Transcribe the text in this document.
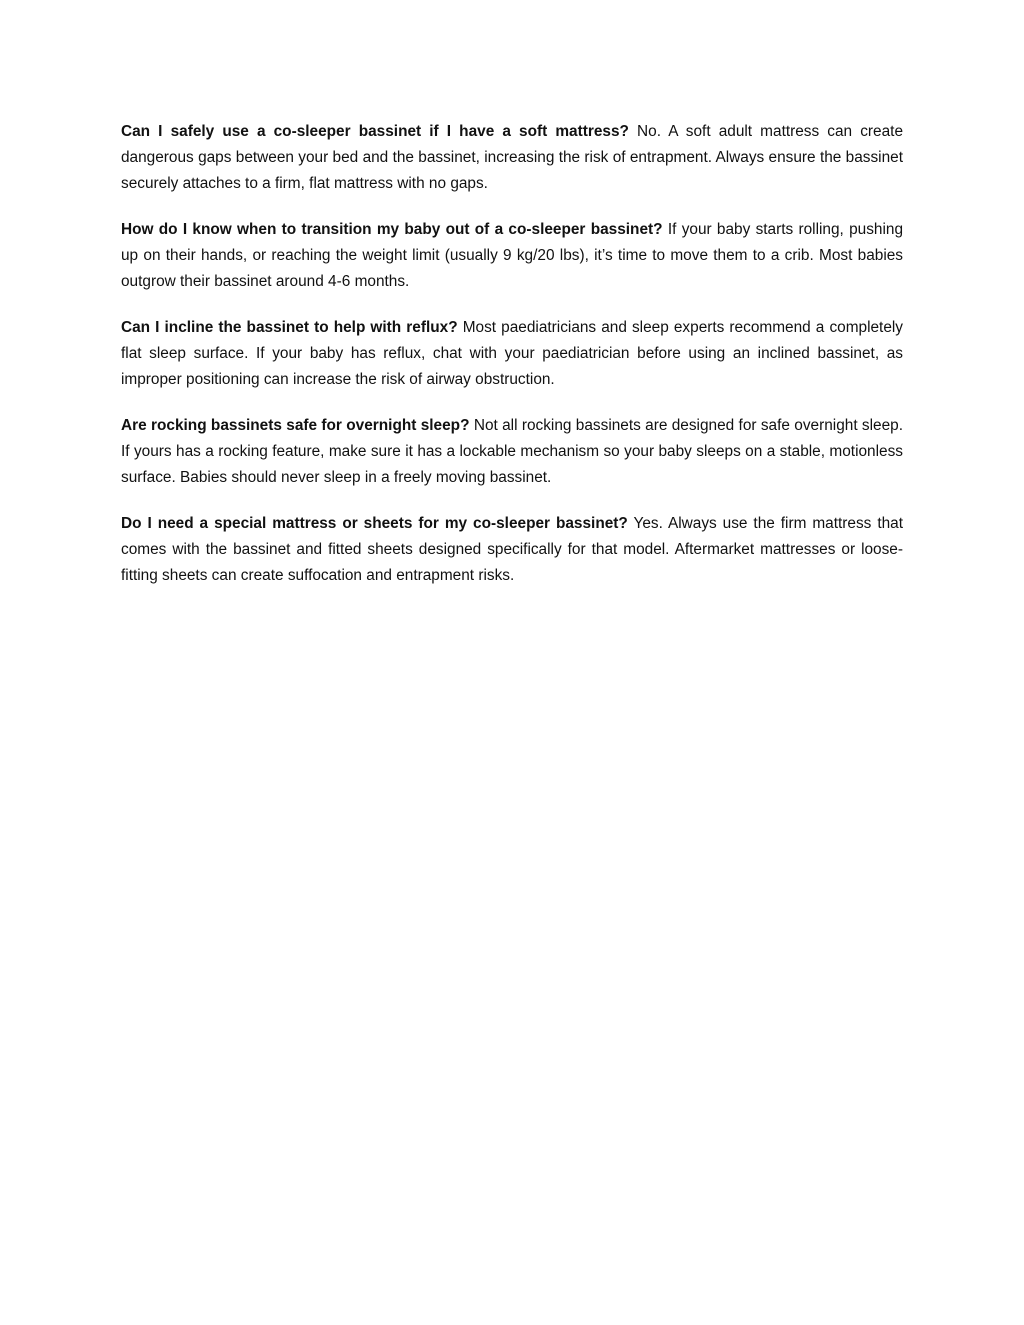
Can I safely use a co-sleeper bassinet if I have a soft mattress? No. A soft adult mattress can create dangerous gaps between your bed and the bassinet, increasing the risk of entrapment. Always ensure the bassinet securely attaches to a firm, flat mattress with no gaps.

How do I know when to transition my baby out of a co-sleeper bassinet? If your baby starts rolling, pushing up on their hands, or reaching the weight limit (usually 9 kg/20 lbs), it’s time to move them to a crib. Most babies outgrow their bassinet around 4-6 months.

Can I incline the bassinet to help with reflux? Most paediatricians and sleep experts recommend a completely flat sleep surface. If your baby has reflux, chat with your paediatrician before using an inclined bassinet, as improper positioning can increase the risk of airway obstruction.

Are rocking bassinets safe for overnight sleep? Not all rocking bassinets are designed for safe overnight sleep. If yours has a rocking feature, make sure it has a lockable mechanism so your baby sleeps on a stable, motionless surface. Babies should never sleep in a freely moving bassinet.

Do I need a special mattress or sheets for my co-sleeper bassinet? Yes. Always use the firm mattress that comes with the bassinet and fitted sheets designed specifically for that model. Aftermarket mattresses or loose-fitting sheets can create suffocation and entrapment risks.
